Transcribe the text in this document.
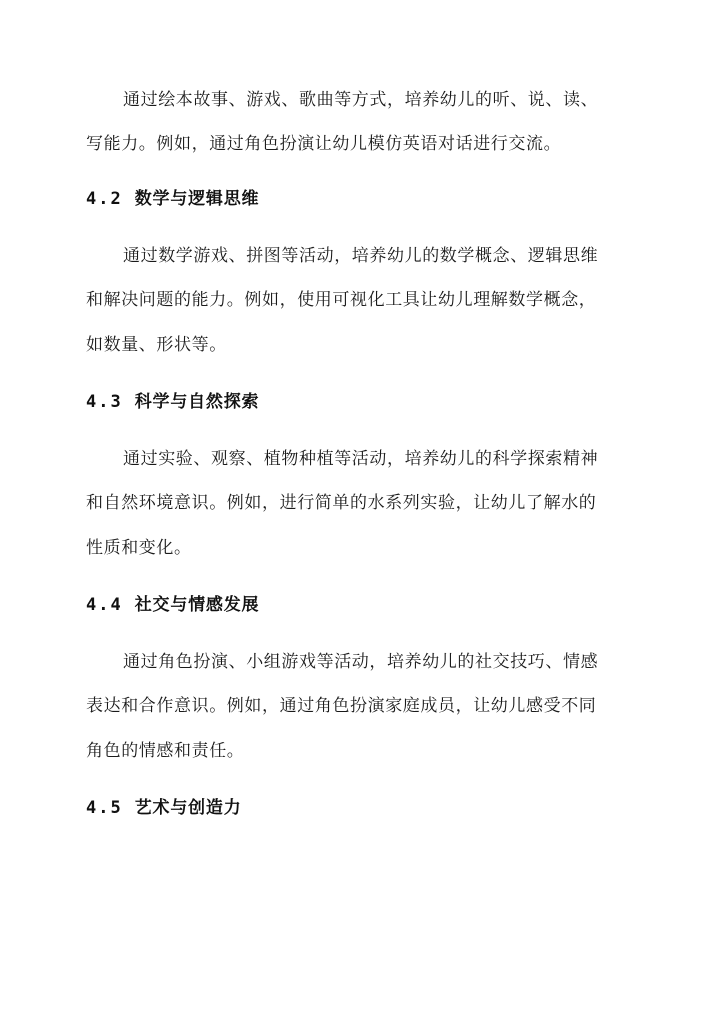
通过绘本故事、游戏、歌曲等方式，培养幼儿的听、说、读、
写能力。例如，通过角色扮演让幼儿模仿英语对话进行交流。
4.2 数学与逻辑思维
通过数学游戏、拼图等活动，培养幼儿的数学概念、逻辑思维
和解决问题的能力。例如，使用可视化工具让幼儿理解数学概念，
如数量、形状等。
4.3 科学与自然探索
通过实验、观察、植物种植等活动，培养幼儿的科学探索精神
和自然环境意识。例如，进行简单的水系列实验，让幼儿了解水的
性质和变化。
4.4 社交与情感发展
通过角色扮演、小组游戏等活动，培养幼儿的社交技巧、情感
表达和合作意识。例如，通过角色扮演家庭成员，让幼儿感受不同
角色的情感和责任。
4.5 艺术与创造力
